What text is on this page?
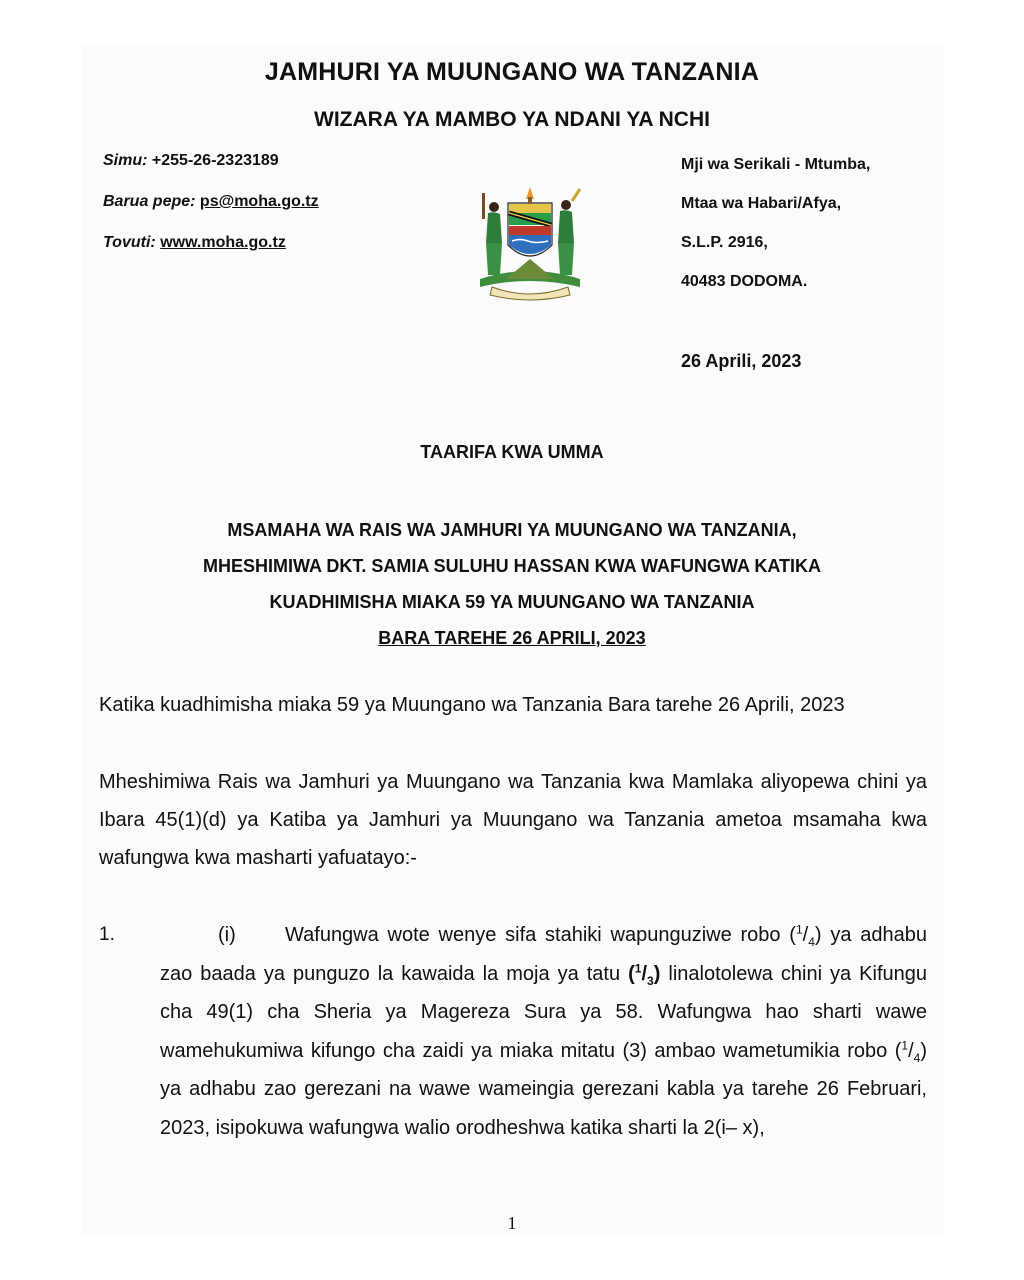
JAMHURI YA MUUNGANO WA TANZANIA
WIZARA YA MAMBO YA NDANI YA NCHI
Simu: +255-26-2323189
Barua pepe: ps@moha.go.tz
Tovuti: www.moha.go.tz
Mji wa Serikali - Mtumba,
Mtaa wa Habari/Afya,
S.L.P. 2916,
40483 DODOMA.
26 Aprili, 2023
TAARIFA KWA UMMA
MSAMAHA WA RAIS WA JAMHURI YA MUUNGANO WA TANZANIA,
MHESHIMIWA DKT. SAMIA SULUHU HASSAN KWA WAFUNGWA KATIKA
KUADHIMISHA MIAKA 59 YA MUUNGANO WA TANZANIA
BARA TAREHE 26 APRILI, 2023
Katika kuadhimisha miaka 59 ya Muungano wa Tanzania Bara tarehe 26 Aprili, 2023
Mheshimiwa Rais wa Jamhuri ya Muungano wa Tanzania kwa Mamlaka aliyopewa chini ya Ibara 45(1)(d) ya Katiba ya Jamhuri ya Muungano wa Tanzania ametoa msamaha kwa wafungwa kwa masharti yafuatayo:-
1.	(i) Wafungwa wote wenye sifa stahiki wapunguziwe robo $(^1/_4)$ ya adhabu zao baada ya punguzo la kawaida la moja ya tatu $(^1/_3)$ linalotolewa chini ya Kifungu cha 49(1) cha Sheria ya Magereza Sura ya 58. Wafungwa hao sharti wawe wamehukumiwa kifungo cha zaidi ya miaka mitatu (3) ambao wametumikia robo $(^1/_4)$ ya adhabu zao gerezani na wawe wameingia gerezani kabla ya tarehe 26 Februari, 2023, isipokuwa wafungwa walio orodheshwa katika sharti la 2(i– x),
1
